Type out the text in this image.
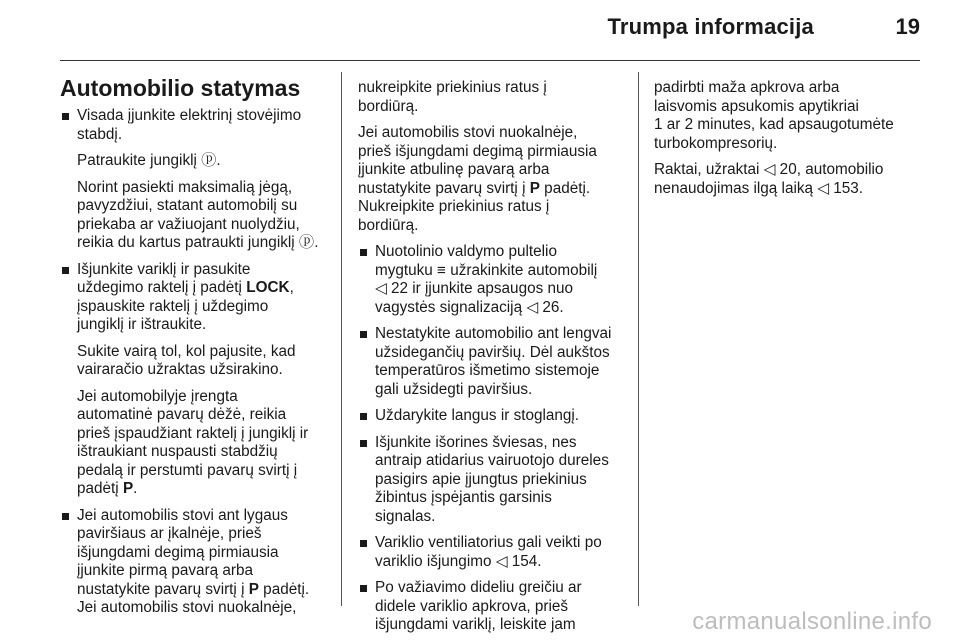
Trumpa informacija	19
Automobilio statymas
Visada įjunkite elektrinį stovėjimo
stabdį.
Patraukite jungiklį ⓟ.
Norint pasiekti maksimalią jėgą,
pavyzdžiui, statant automobilį su
priekaba ar važiuojant nuolydžiu,
reikia du kartus patraukti jungiklį ⓟ.
Išjunkite variklį ir pasukite
uždegimo raktelį į padėtį LOCK,
įspauskite raktelį į uždegimo
jungiklį ir ištraukite.
Sukite vairą tol, kol pajusite, kad
vairaračio užraktas užsirakino.
Jei automobilyje įrengta
automatinė pavarų dėžė, reikia
prieš įspaudžiant raktelį į jungiklį ir
ištraukiant nuspausti stabdžių
pedalą ir perstumti pavarų svirtį į
padėtį P.
Jei automobilis stovi ant lygaus
paviršiaus ar įkalnėje, prieš
išjungdami degimą pirmiausia
įjunkite pirmą pavarą arba
nustatykite pavarų svirtį į P padėtį.
Jei automobilis stovi nuokalnėje,
nukreipkite priekinius ratus į
bordiūrą.
Jei automobilis stovi nuokalnėje,
prieš išjungdami degimą pirmiausia
įjunkite atbulinę pavarą arba
nustatykite pavarų svirtį į P padėtį.
Nukreipkite priekinius ratus į
bordiūrą.
Nuotolinio valdymo pultelio
mygtuku ≡ užrakinkite automobilį
◁ 22 ir įjunkite apsaugos nuo
vagystės signalizaciją ◁ 26.
Nestatykite automobilio ant lengvai
užsidegančių paviršių. Dėl aukštos
temperatūros išmetimo sistemoje
gali užsidegti paviršius.
Uždarykite langus ir stoglangį.
Išjunkite išorines šviesas, nes
antraip atidarius vairuotojo dureles
pasigirs apie įjungtus priekinius
žibintus įspėjantis garsinis
signalas.
Variklio ventiliatorius gali veikti po
variklio išjungimo ◁ 154.
Po važiavimo dideliu greičiu ar
didele variklio apkrova, prieš
išjungdami variklį, leiskite jam
padirbti maža apkrova arba
laisvomis apsukomis apytikriai
1 ar 2 minutes, kad apsaugotumėte
turbokompresorių.
Raktai, užraktai ◁ 20, automobilio
nenaudojimas ilgą laiką ◁ 153.
carmanualsonline.info
